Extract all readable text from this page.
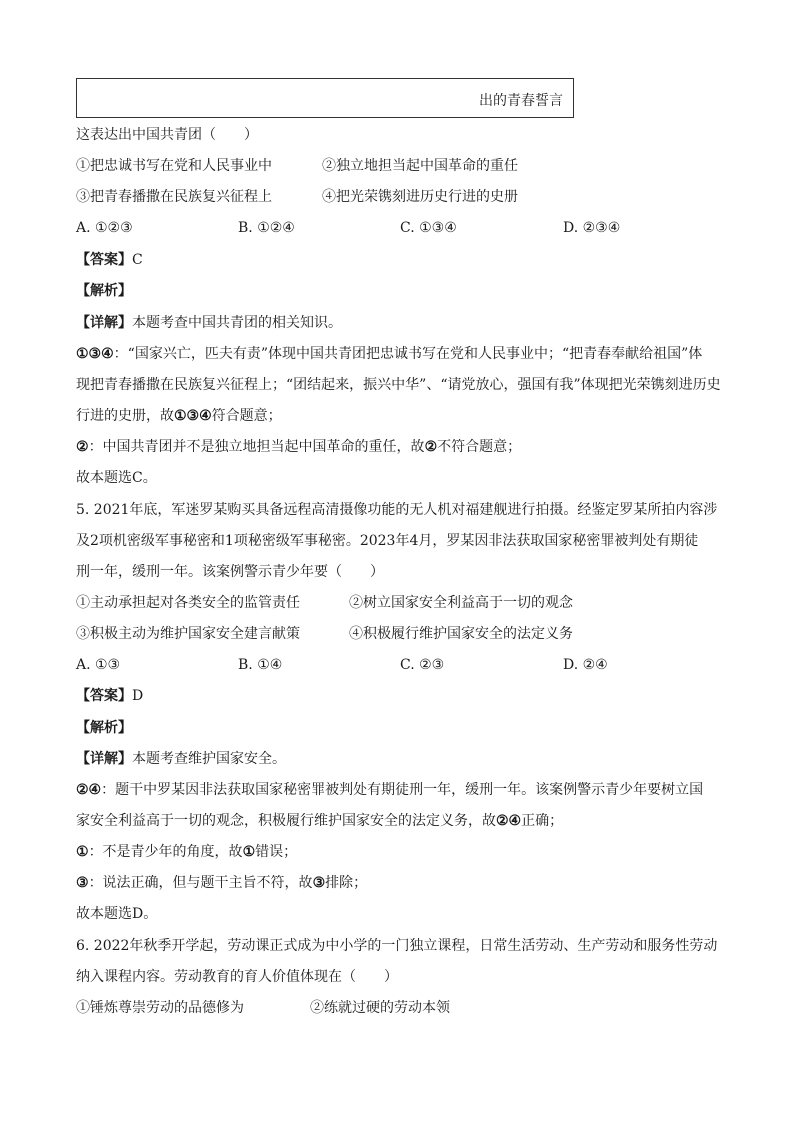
出的青春誓言
这表达出中国共青团（　　）
①把忠诚书写在党和人民事业中	②独立地担当起中国革命的重任
③把青春播撒在民族复兴征程上	④把光荣镌刻进历史行进的史册
A. ①②③	B. ①②④	C. ①③④	D. ②③④
【答案】C
【解析】
【详解】本题考查中国共青团的相关知识。
①③④：“国家兴亡，匹夫有责”体现中国共青团把忠诚书写在党和人民事业中；“把青春奉献给祖国”体
现把青春播撒在民族复兴征程上；“团结起来，振兴中华”、“请党放心，强国有我”体现把光荣镌刻进历史
行进的史册，故①③④符合题意；
②：中国共青团并不是独立地担当起中国革命的重任，故②不符合题意；
故本题选C。
5. 2021年底，军迷罗某购买具备远程高清摄像功能的无人机对福建舰进行拍摄。经鉴定罗某所拍内容涉
及2项机密级军事秘密和1项秘密级军事秘密。2023年4月，罗某因非法获取国家秘密罪被判处有期徒
刑一年，缓刑一年。该案例警示青少年要（　　）
①主动承担起对各类安全的监管责任	②树立国家安全利益高于一切的观念
③积极主动为维护国家安全建言献策	④积极履行维护国家安全的法定义务
A. ①③	B. ①④	C. ②③	D. ②④
【答案】D
【解析】
【详解】本题考查维护国家安全。
②④：题干中罗某因非法获取国家秘密罪被判处有期徒刑一年，缓刑一年。该案例警示青少年要树立国
家安全利益高于一切的观念，积极履行维护国家安全的法定义务，故②④正确；
①：不是青少年的角度，故①错误；
③：说法正确，但与题干主旨不符，故③排除；
故本题选D。
6. 2022年秋季开学起，劳动课正式成为中小学的一门独立课程，日常生活劳动、生产劳动和服务性劳动
纳入课程内容。劳动教育的育人价值体现在（　　）
①锤炼尊崇劳动的品德修为	②练就过硬的劳动本领
